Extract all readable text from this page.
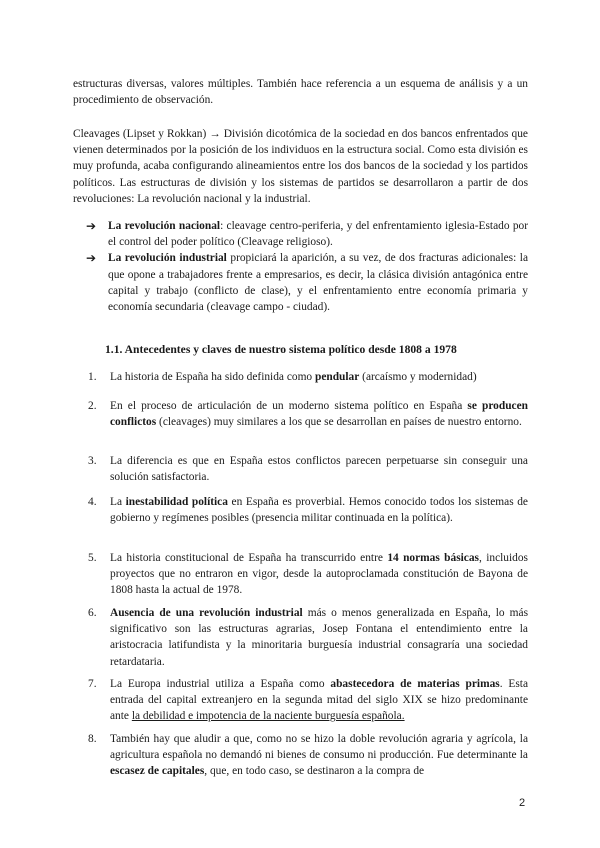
estructuras diversas, valores múltiples. También hace referencia a un esquema de análisis y a un procedimiento de observación.

Cleavages (Lipset y Rokkan) → División dicotómica de la sociedad en dos bancos enfrentados que vienen determinados por la posición de los individuos en la estructura social. Como esta división es muy profunda, acaba configurando alineamientos entre los dos bancos de la sociedad y los partidos políticos. Las estructuras de división y los sistemas de partidos se desarrollaron a partir de dos revoluciones: La revolución nacional y la industrial.

➔ La revolución nacional: cleavage centro-periferia, y del enfrentamiento iglesia-Estado por el control del poder político (Cleavage religioso).
➔ La revolución industrial propiciará la aparición, a su vez, de dos fracturas adicionales: la que opone a trabajadores frente a empresarios, es decir, la clásica división antagónica entre capital y trabajo (conflicto de clase), y el enfrentamiento entre economía primaria y economía secundaria (cleavage campo - ciudad).
1.1. Antecedentes y claves de nuestro sistema político desde 1808 a 1978
1. La historia de España ha sido definida como pendular (arcaísmo y modernidad)
2. En el proceso de articulación de un moderno sistema político en España se producen conflictos (cleavages) muy similares a los que se desarrollan en países de nuestro entorno.
3. La diferencia es que en España estos conflictos parecen perpetuarse sin conseguir una solución satisfactoria.
4. La inestabilidad política en España es proverbial. Hemos conocido todos los sistemas de gobierno y regímenes posibles (presencia militar continuada en la política).
5. La historia constitucional de España ha transcurrido entre 14 normas básicas, incluidos proyectos que no entraron en vigor, desde la autoproclamada constitución de Bayona de 1808 hasta la actual de 1978.
6. Ausencia de una revolución industrial más o menos generalizada en España, lo más significativo son las estructuras agrarias, Josep Fontana el entendimiento entre la aristocracia latifundista y la minoritaria burguesía industrial consagraría una sociedad retardataria.
7. La Europa industrial utiliza a España como abastecedora de materias primas. Esta entrada del capital extreanjero en la segunda mitad del siglo XIX se hizo predominante ante la debilidad e impotencia de la naciente burguesía española.
8. También hay que aludir a que, como no se hizo la doble revolución agraria y agrícola, la agricultura española no demandó ni bienes de consumo ni producción. Fue determinante la escasez de capitales, que, en todo caso, se destinaron a la compra de
2
